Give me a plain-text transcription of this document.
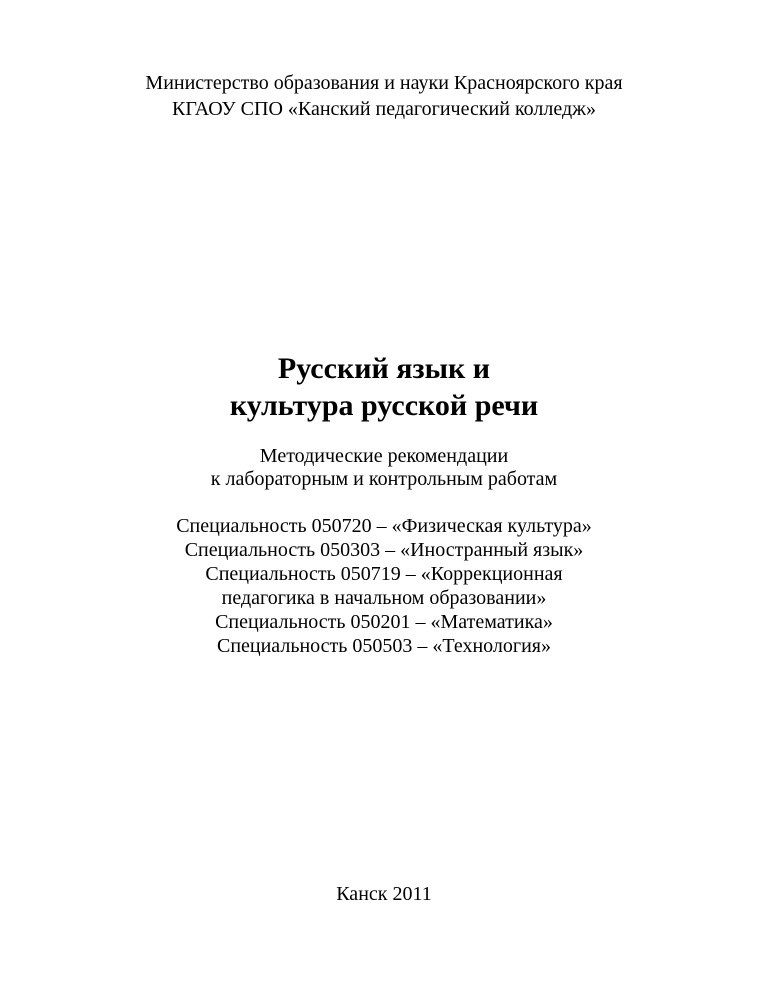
Министерство образования и науки Красноярского края
КГАОУ СПО «Канский педагогический колледж»
Русский язык и
культура русской речи
Методические рекомендации
к лабораторным и контрольным работам
Специальность 050720 – «Физическая культура»
Специальность 050303 – «Иностранный язык»
Специальность 050719 – «Коррекционная
педагогика в начальном образовании»
Специальность 050201 – «Математика»
Специальность 050503 – «Технология»
Канск 2011
